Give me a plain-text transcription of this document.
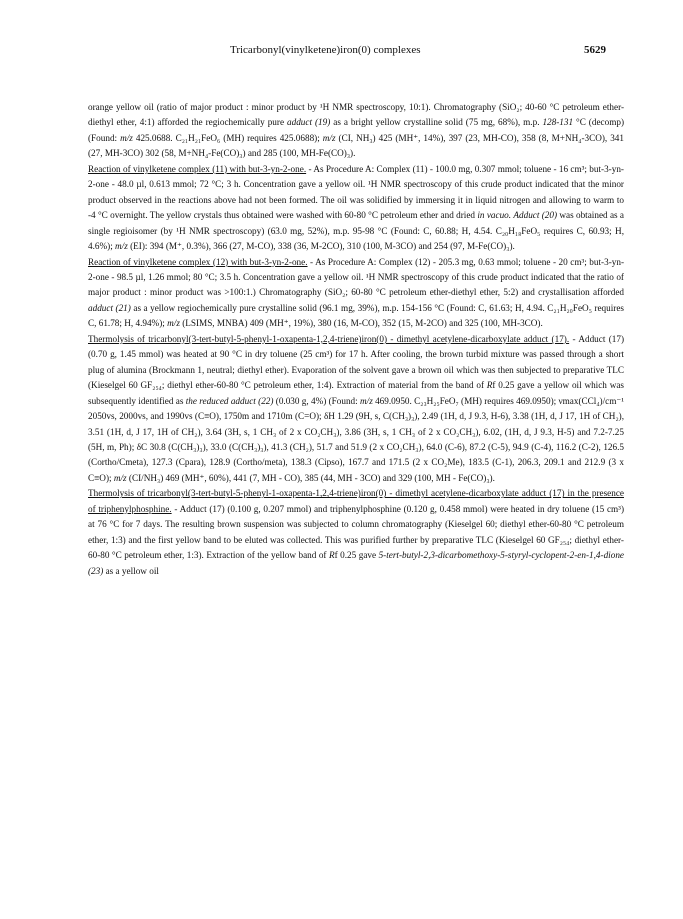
Tricarbonyl(vinylketene)iron(0) complexes	5629

orange yellow oil (ratio of major product : minor product by ¹H NMR spectroscopy, 10:1). Chromatography (SiO₂; 40-60 °C petroleum ether-diethyl ether, 4:1) afforded the regiochemically pure adduct (19) as a bright yellow crystalline solid (75 mg, 68%), m.p. 128-131 °C (decomp) (Found: m/z 425.0688. C₂₁H₂₁FeO₆ (MH) requires 425.0688); m/z (CI, NH₃) 425 (MH⁺, 14%), 397 (23, MH-CO), 358 (8, M+NH₄-3CO), 341 (27, MH-3CO) 302 (58, M+NH₄-Fe(CO)₃) and 285 (100, MH-Fe(CO)₃).

Reaction of vinylketene complex (11) with but-3-yn-2-one. - As Procedure A: Complex (11) - 100.0 mg, 0.307 mmol; toluene - 16 cm³; but-3-yn-2-one - 48.0 µl, 0.613 mmol; 72 °C; 3 h. Concentration gave a yellow oil. ¹H NMR spectroscopy of this crude product indicated that the minor product observed in the reactions above had not been formed. The oil was solidified by immersing it in liquid nitrogen and allowing to warm to -4 °C overnight. The yellow crystals thus obtained were washed with 60-80 °C petroleum ether and dried in vacuo. Adduct (20) was obtained as a single regioisomer (by ¹H NMR spectroscopy) (63.0 mg, 52%), m.p. 95-98 °C (Found: C, 60.88; H, 4.54. C₂₀H₁₈FeO₅ requires C, 60.93; H, 4.6%); m/z (EI): 394 (M⁺, 0.3%), 366 (27, M-CO), 338 (36, M-2CO), 310 (100, M-3CO) and 254 (97, M-Fe(CO)₃).

Reaction of vinylketene complex (12) with but-3-yn-2-one. - As Procedure A: Complex (12) - 205.3 mg, 0.63 mmol; toluene - 20 cm³; but-3-yn-2-one - 98.5 µl, 1.26 mmol; 80 °C; 3.5 h. Concentration gave a yellow oil. ¹H NMR spectroscopy of this crude product indicated that the ratio of major product : minor product was >100:1.) Chromatography (SiO₂; 60-80 °C petroleum ether-diethyl ether, 5:2) and crystallisation afforded adduct (21) as a yellow regiochemically pure crystalline solid (96.1 mg, 39%), m.p. 154-156 °C (Found: C, 61.63; H, 4.94. C₂₁H₂₀FeO₅ requires C, 61.78; H, 4.94%); m/z (LSIMS, MNBA) 409 (MH⁺, 19%), 380 (16, M-CO), 352 (15, M-2CO) and 325 (100, MH-3CO).

Thermolysis of tricarbonyl(3-tert-butyl-5-phenyl-1-oxapenta-1,2,4-triene)iron(0) - dimethyl acetylene-dicarboxylate adduct (17). - Adduct (17) (0.70 g, 1.45 mmol) was heated at 90 °C in dry toluene (25 cm³) for 17 h. After cooling, the brown turbid mixture was passed through a short plug of alumina (Brockmann 1, neutral; diethyl ether). Evaporation of the solvent gave a brown oil which was then subjected to preparative TLC (Kieselgel 60 GF₂₅₄; diethyl ether-60-80 °C petroleum ether, 1:4). Extraction of material from the band of Rf 0.25 gave a yellow oil which was subsequently identified as the reduced adduct (22) (0.030 g, 4%) (Found: m/z 469.0950. C₂₃H₂₅FeO₇ (MH) requires 469.0950); νmax(CCl₄)/cm⁻¹ 2050vs, 2000vs, and 1990vs (C≡O), 1750m and 1710m (C=O); δH 1.29 (9H, s, C(CH₃)₃), 2.49 (1H, d, J 9.3, H-6), 3.38 (1H, d, J 17, 1H of CH₂), 3.51 (1H, d, J 17, 1H of CH₂), 3.64 (3H, s, 1 CH₃ of 2 x CO₂CH₃), 3.86 (3H, s, 1 CH₃ of 2 x CO₂CH₃), 6.02, (1H, d, J 9.3, H-5) and 7.2-7.25 (5H, m, Ph); δC 30.8 (C(CH₃)₃), 33.0 (C(CH₃)₃), 41.3 (CH₂), 51.7 and 51.9 (2 x CO₂CH₃), 64.0 (C-6), 87.2 (C-5), 94.9 (C-4), 116.2 (C-2), 126.5 (Cortho/Cmeta), 127.3 (Cpara), 128.9 (Cortho/meta), 138.3 (Cipso), 167.7 and 171.5 (2 x CO₂Me), 183.5 (C-1), 206.3, 209.1 and 212.9 (3 x C≡O); m/z (CI/NH₃) 469 (MH⁺, 60%), 441 (7, MH - CO), 385 (44, MH - 3CO) and 329 (100, MH - Fe(CO)₃).

Thermolysis of tricarbonyl(3-tert-butyl-5-phenyl-1-oxapenta-1,2,4-triene)iron(0) - dimethyl acetylene-dicarboxylate adduct (17) in the presence of triphenylphosphine. - Adduct (17) (0.100 g, 0.207 mmol) and triphenylphosphine (0.120 g, 0.458 mmol) were heated in dry toluene (15 cm³) at 76 °C for 7 days. The resulting brown suspension was subjected to column chromatography (Kieselgel 60; diethyl ether-60-80 °C petroleum ether, 1:3) and the first yellow band to be eluted was collected. This was purified further by preparative TLC (Kieselgel 60 GF₂₅₄; diethyl ether-60-80 °C petroleum ether, 1:3). Extraction of the yellow band of Rf 0.25 gave 5-tert-butyl-2,3-dicarbomethoxy-5-styryl-cyclopent-2-en-1,4-dione (23) as a yellow oil
